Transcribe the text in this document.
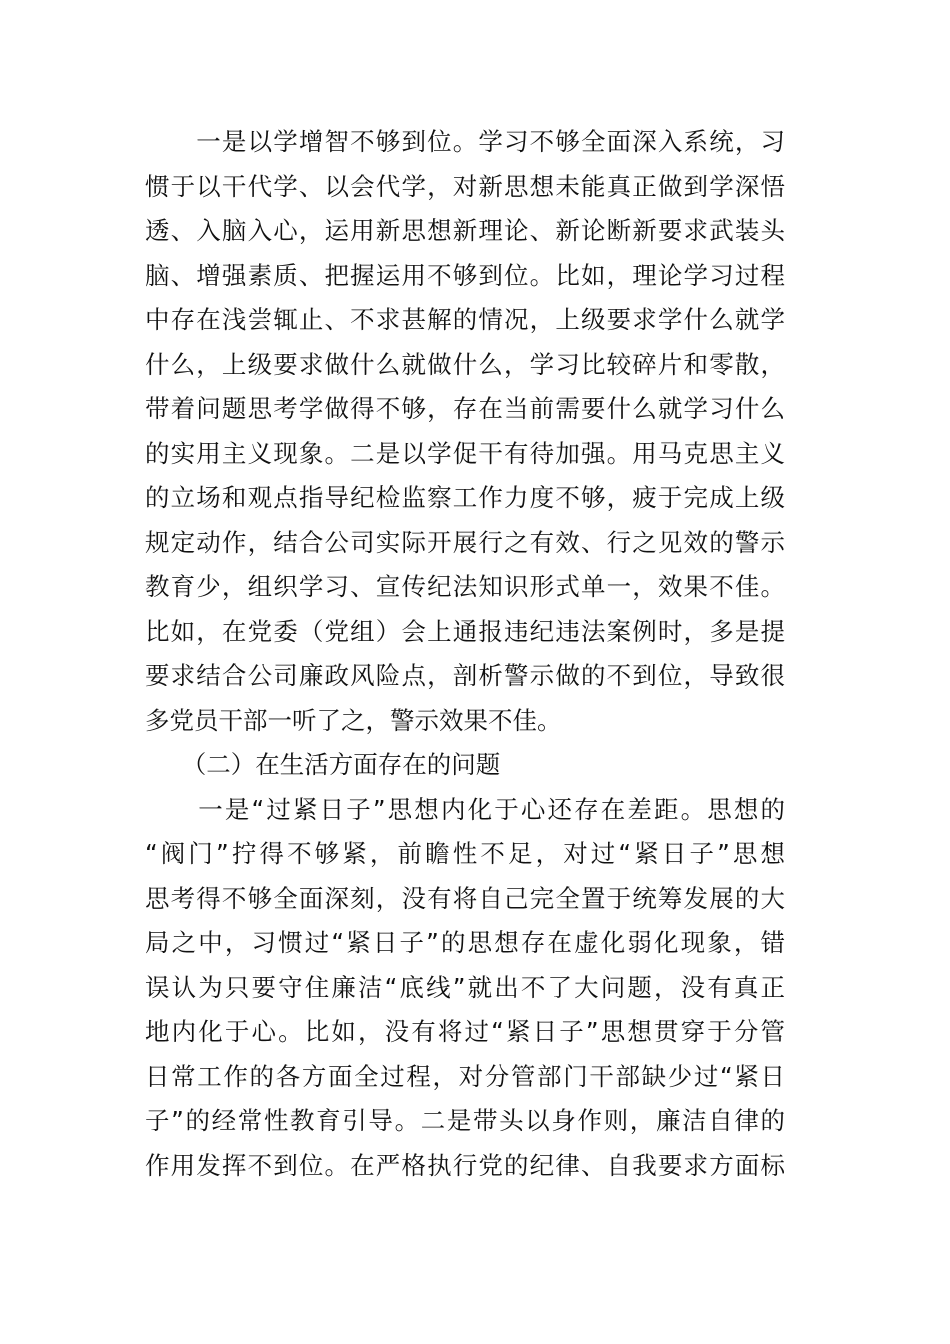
　　一是以学增智不够到位。学习不够全面深入系统，习
惯于以干代学、以会代学，对新思想未能真正做到学深悟
透、入脑入心，运用新思想新理论、新论断新要求武装头
脑、增强素质、把握运用不够到位。比如，理论学习过程
中存在浅尝辄止、不求甚解的情况，上级要求学什么就学
什么，上级要求做什么就做什么，学习比较碎片和零散，
带着问题思考学做得不够，存在当前需要什么就学习什么
的实用主义现象。二是以学促干有待加强。用马克思主义
的立场和观点指导纪检监察工作力度不够，疲于完成上级
规定动作，结合公司实际开展行之有效、行之见效的警示
教育少，组织学习、宣传纪法知识形式单一，效果不佳。
比如，在党委（党组）会上通报违纪违法案例时，多是提
要求结合公司廉政风险点，剖析警示做的不到位，导致很
多党员干部一听了之，警示效果不佳。
　　（二）在生活方面存在的问题
　　一是“过紧日子”思想内化于心还存在差距。思想的
“阀门”拧得不够紧，前瞻性不足，对过“紧日子”思想
思考得不够全面深刻，没有将自己完全置于统筹发展的大
局之中，习惯过“紧日子”的思想存在虚化弱化现象，错
误认为只要守住廉洁“底线”就出不了大问题，没有真正
地内化于心。比如，没有将过“紧日子”思想贯穿于分管
日常工作的各方面全过程，对分管部门干部缺少过“紧日
子”的经常性教育引导。二是带头以身作则，廉洁自律的
作用发挥不到位。在严格执行党的纪律、自我要求方面标
